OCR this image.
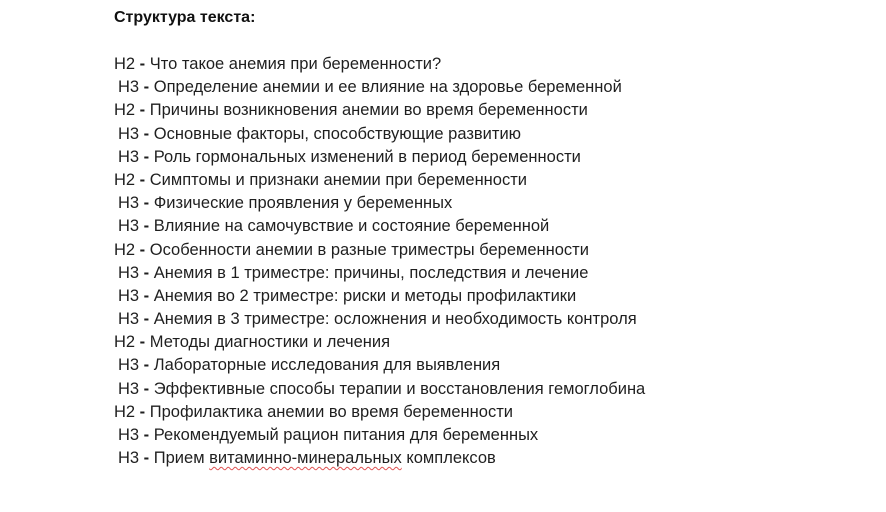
Структура текста:
H2 - Что такое анемия при беременности?
H3 - Определение анемии и ее влияние на здоровье беременной
H2 - Причины возникновения анемии во время беременности
H3 - Основные факторы, способствующие развитию
H3 - Роль гормональных изменений в период беременности
H2 - Симптомы и признаки анемии при беременности
H3 - Физические проявления у беременных
H3 - Влияние на самочувствие и состояние беременной
H2 - Особенности анемии в разные триместры беременности
H3 - Анемия в 1 триместре: причины, последствия и лечение
H3 - Анемия во 2 триместре: риски и методы профилактики
H3 - Анемия в 3 триместре: осложнения и необходимость контроля
H2 - Методы диагностики и лечения
H3 - Лабораторные исследования для выявления
H3 - Эффективные способы терапии и восстановления гемоглобина
H2 - Профилактика анемии во время беременности
H3 - Рекомендуемый рацион питания для беременных
H3 - Прием витаминно-минеральных комплексов
